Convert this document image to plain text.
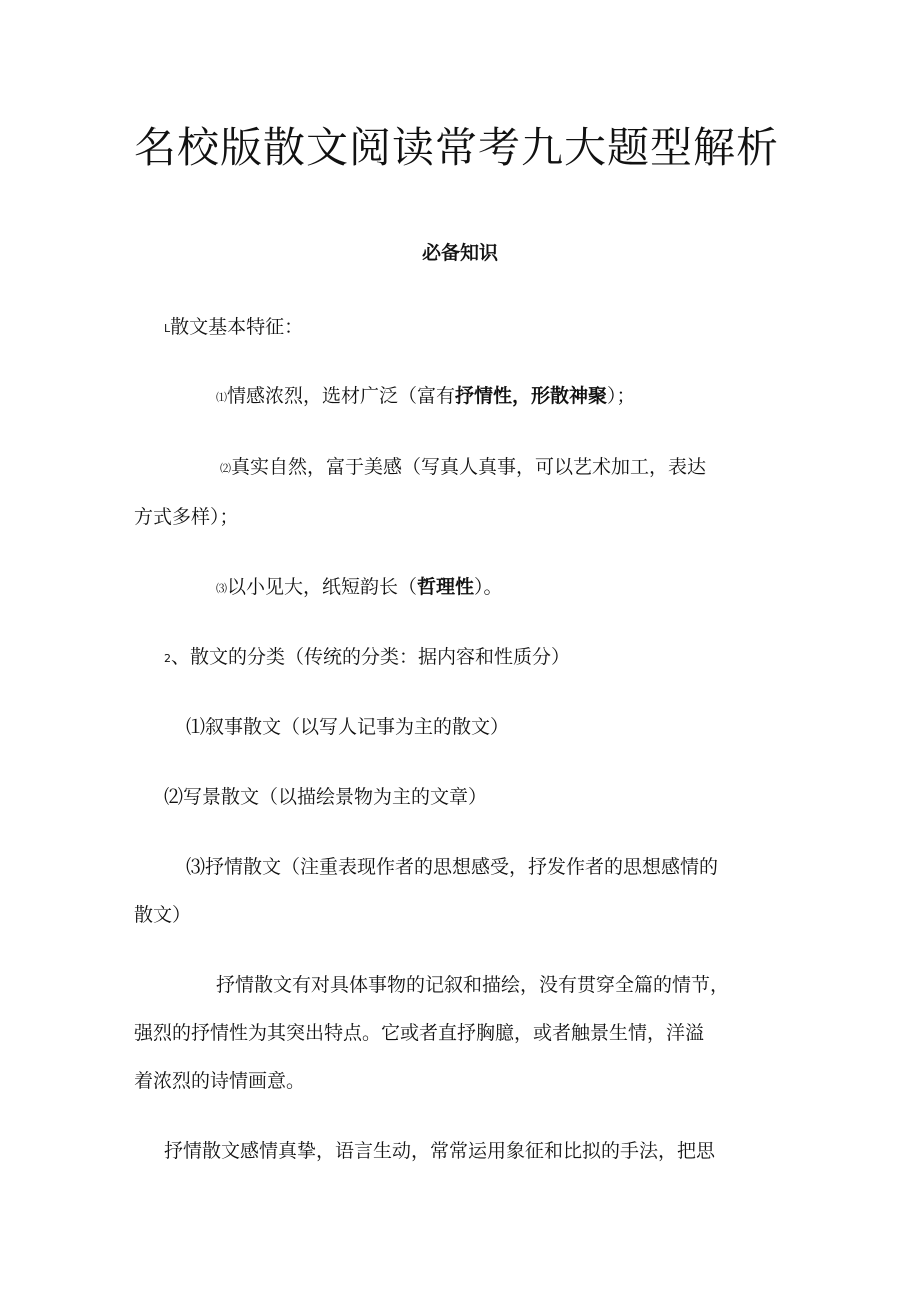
名校版散文阅读常考九大题型解析
必备知识

L散文基本特征：

⑴情感浓烈，选材广泛（富有抒情性，形散神聚）；

⑵真实自然，富于美感（写真人真事，可以艺术加工，表达

方式多样）；

⑶以小见大，纸短韵长（哲理性）。

2、散文的分类（传统的分类：据内容和性质分）

⑴叙事散文（以写人记事为主的散文）

⑵写景散文（以描绘景物为主的文章）

⑶抒情散文（注重表现作者的思想感受，抒发作者的思想感情的

散文）

抒情散文有对具体事物的记叙和描绘，没有贯穿全篇的情节，

强烈的抒情性为其突出特点。它或者直抒胸臆，或者触景生情，洋溢

着浓烈的诗情画意。

抒情散文感情真挚，语言生动，常常运用象征和比拟的手法，把思
